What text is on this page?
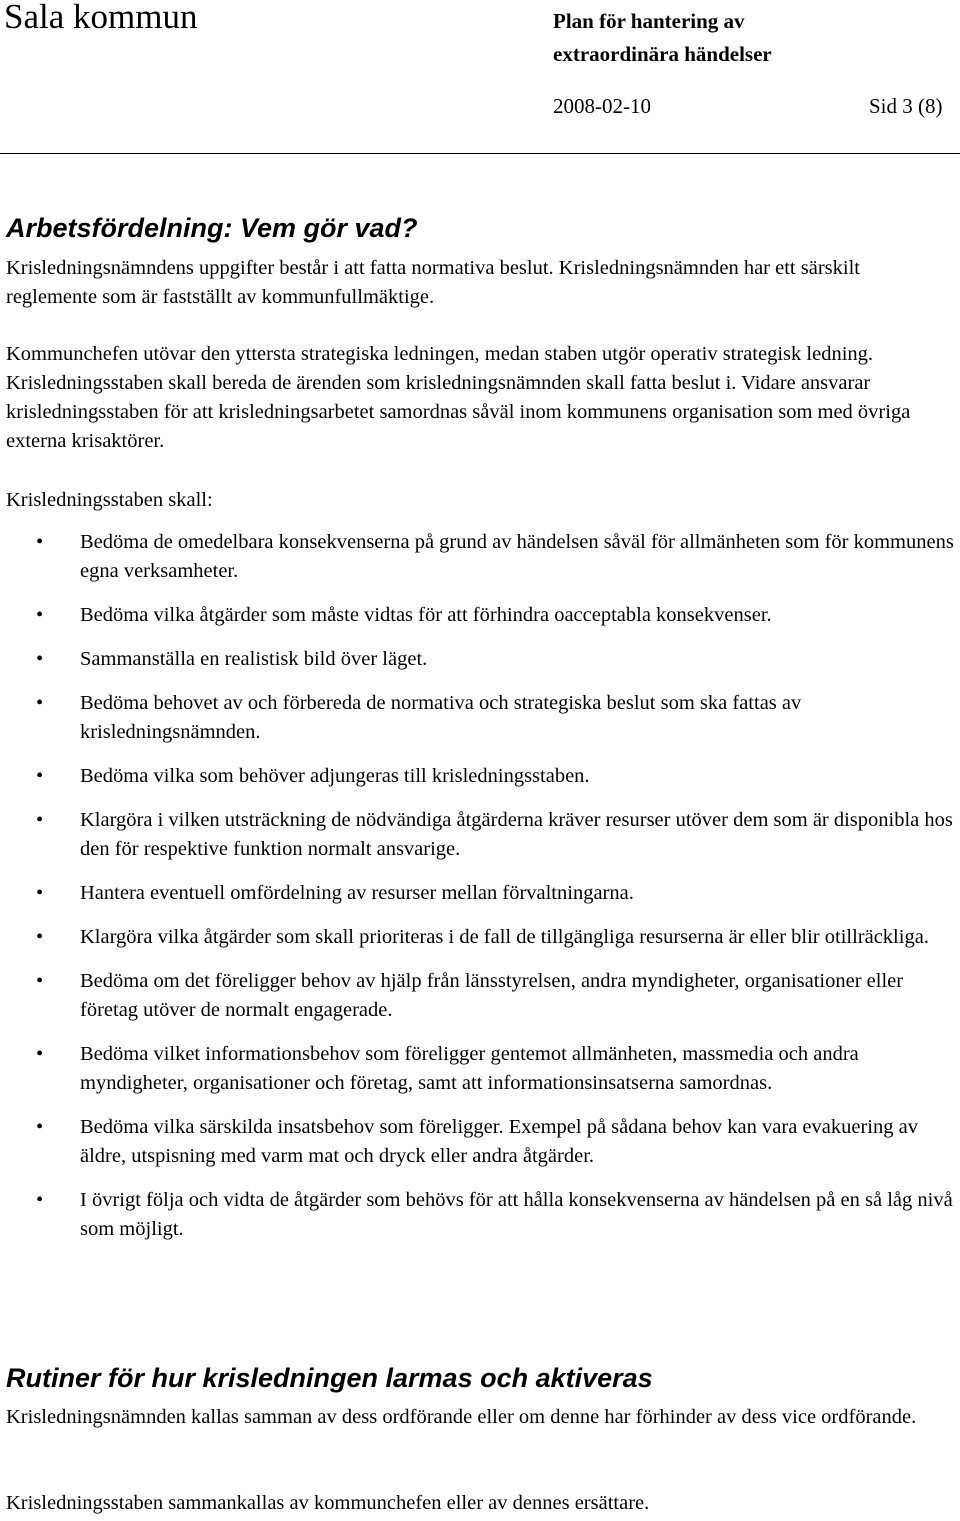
Sala kommun	Plan för hantering av
extraordinära händelser
2008-02-10	Sid 3 (8)
Arbetsfördelning: Vem gör vad?
Krisledningsnämndens uppgifter består i att fatta normativa beslut. Krisledningsnämnden har ett särskilt reglemente som är fastställt av kommunfullmäktige.
Kommunchefen utövar den yttersta strategiska ledningen, medan staben utgör operativ strategisk ledning. Krisledningsstaben skall bereda de ärenden som krisledningsnämnden skall fatta beslut i. Vidare ansvarar krisledningsstaben för att krisledningsarbetet samordnas såväl inom kommunens organisation som med övriga externa krisaktörer.
Krisledningsstaben skall:
• Bedöma de omedelbara konsekvenserna på grund av händelsen såväl för allmänheten som för kommunens egna verksamheter.
• Bedöma vilka åtgärder som måste vidtas för att förhindra oacceptabla konsekvenser.
• Sammanställa en realistisk bild över läget.
• Bedöma behovet av och förbereda de normativa och strategiska beslut som ska fattas av krisledningsnämnden.
• Bedöma vilka som behöver adjungeras till krisledningsstaben.
• Klargöra i vilken utsträckning de nödvändiga åtgärderna kräver resurser utöver dem som är disponibla hos den för respektive funktion normalt ansvarige.
• Hantera eventuell omfördelning av resurser mellan förvaltningarna.
• Klargöra vilka åtgärder som skall prioriteras i de fall de tillgängliga resurserna är eller blir otillräckliga.
• Bedöma om det föreligger behov av hjälp från länsstyrelsen, andra myndigheter, organisationer eller företag utöver de normalt engagerade.
• Bedöma vilket informationsbehov som föreligger gentemot allmänheten, massmedia och andra myndigheter, organisationer och företag, samt att informationsinsatserna samordnas.
• Bedöma vilka särskilda insatsbehov som föreligger. Exempel på sådana behov kan vara evakuering av äldre, utspisning med varm mat och dryck eller andra åtgärder.
• I övrigt följa och vidta de åtgärder som behövs för att hålla konsekvenserna av händelsen på en så låg nivå som möjligt.
Rutiner för hur krisledningen larmas och aktiveras
Krisledningsnämnden kallas samman av dess ordförande eller om denne har förhinder av dess vice ordförande.
Krisledningsstaben sammankallas av kommunchefen eller av dennes ersättare.
